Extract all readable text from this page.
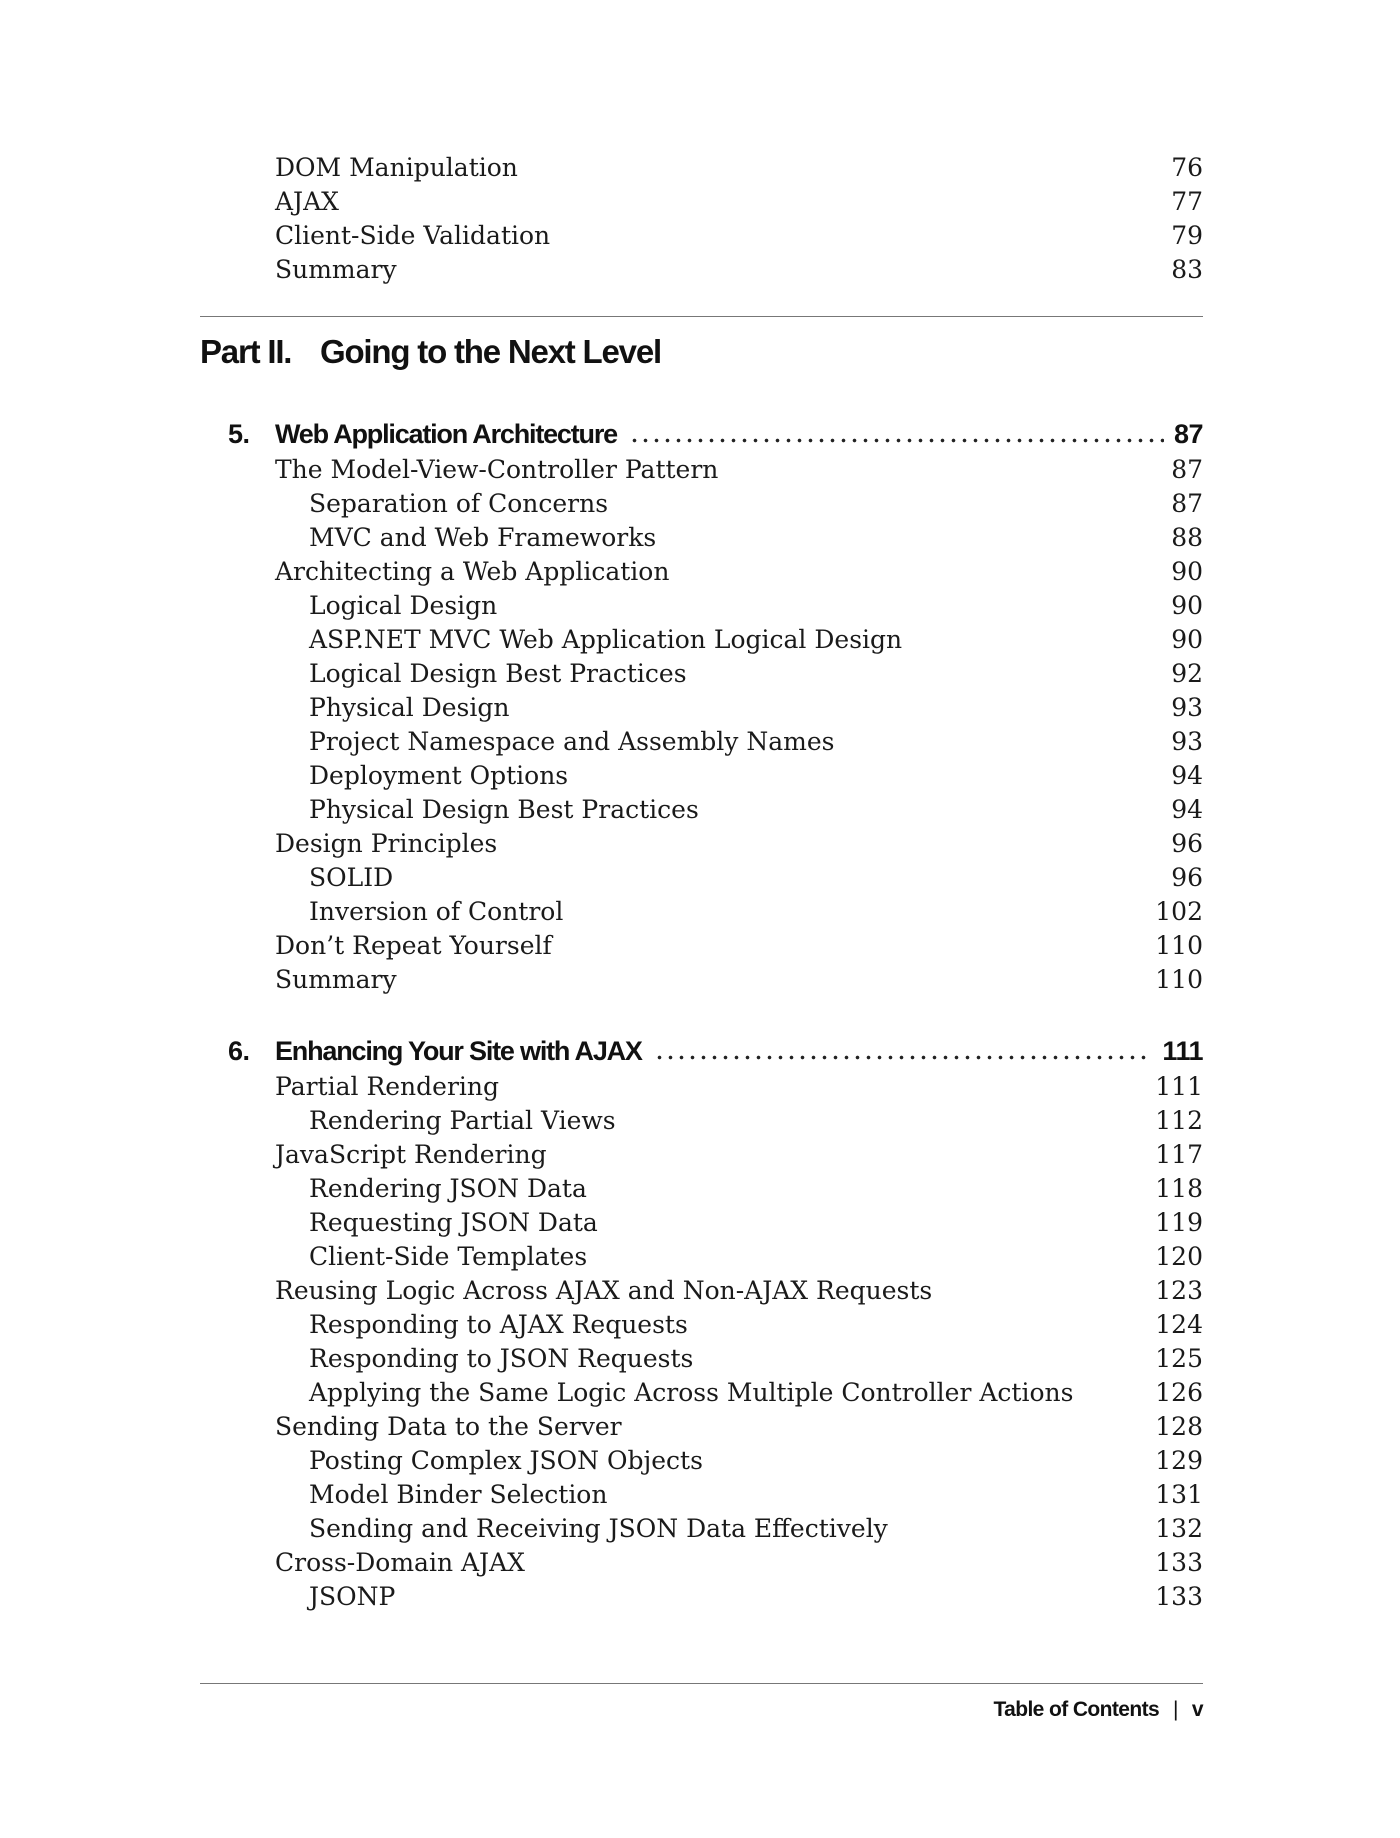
DOM Manipulation	76
AJAX	77
Client-Side Validation	79
Summary	83
Part II. Going to the Next Level
5. Web Application Architecture	87
The Model-View-Controller Pattern	87
Separation of Concerns	87
MVC and Web Frameworks	88
Architecting a Web Application	90
Logical Design	90
ASP.NET MVC Web Application Logical Design	90
Logical Design Best Practices	92
Physical Design	93
Project Namespace and Assembly Names	93
Deployment Options	94
Physical Design Best Practices	94
Design Principles	96
SOLID	96
Inversion of Control	102
Don’t Repeat Yourself	110
Summary	110
6. Enhancing Your Site with AJAX	111
Partial Rendering	111
Rendering Partial Views	112
JavaScript Rendering	117
Rendering JSON Data	118
Requesting JSON Data	119
Client-Side Templates	120
Reusing Logic Across AJAX and Non-AJAX Requests	123
Responding to AJAX Requests	124
Responding to JSON Requests	125
Applying the Same Logic Across Multiple Controller Actions	126
Sending Data to the Server	128
Posting Complex JSON Objects	129
Model Binder Selection	131
Sending and Receiving JSON Data Effectively	132
Cross-Domain AJAX	133
JSONP	133
Table of Contents | v
